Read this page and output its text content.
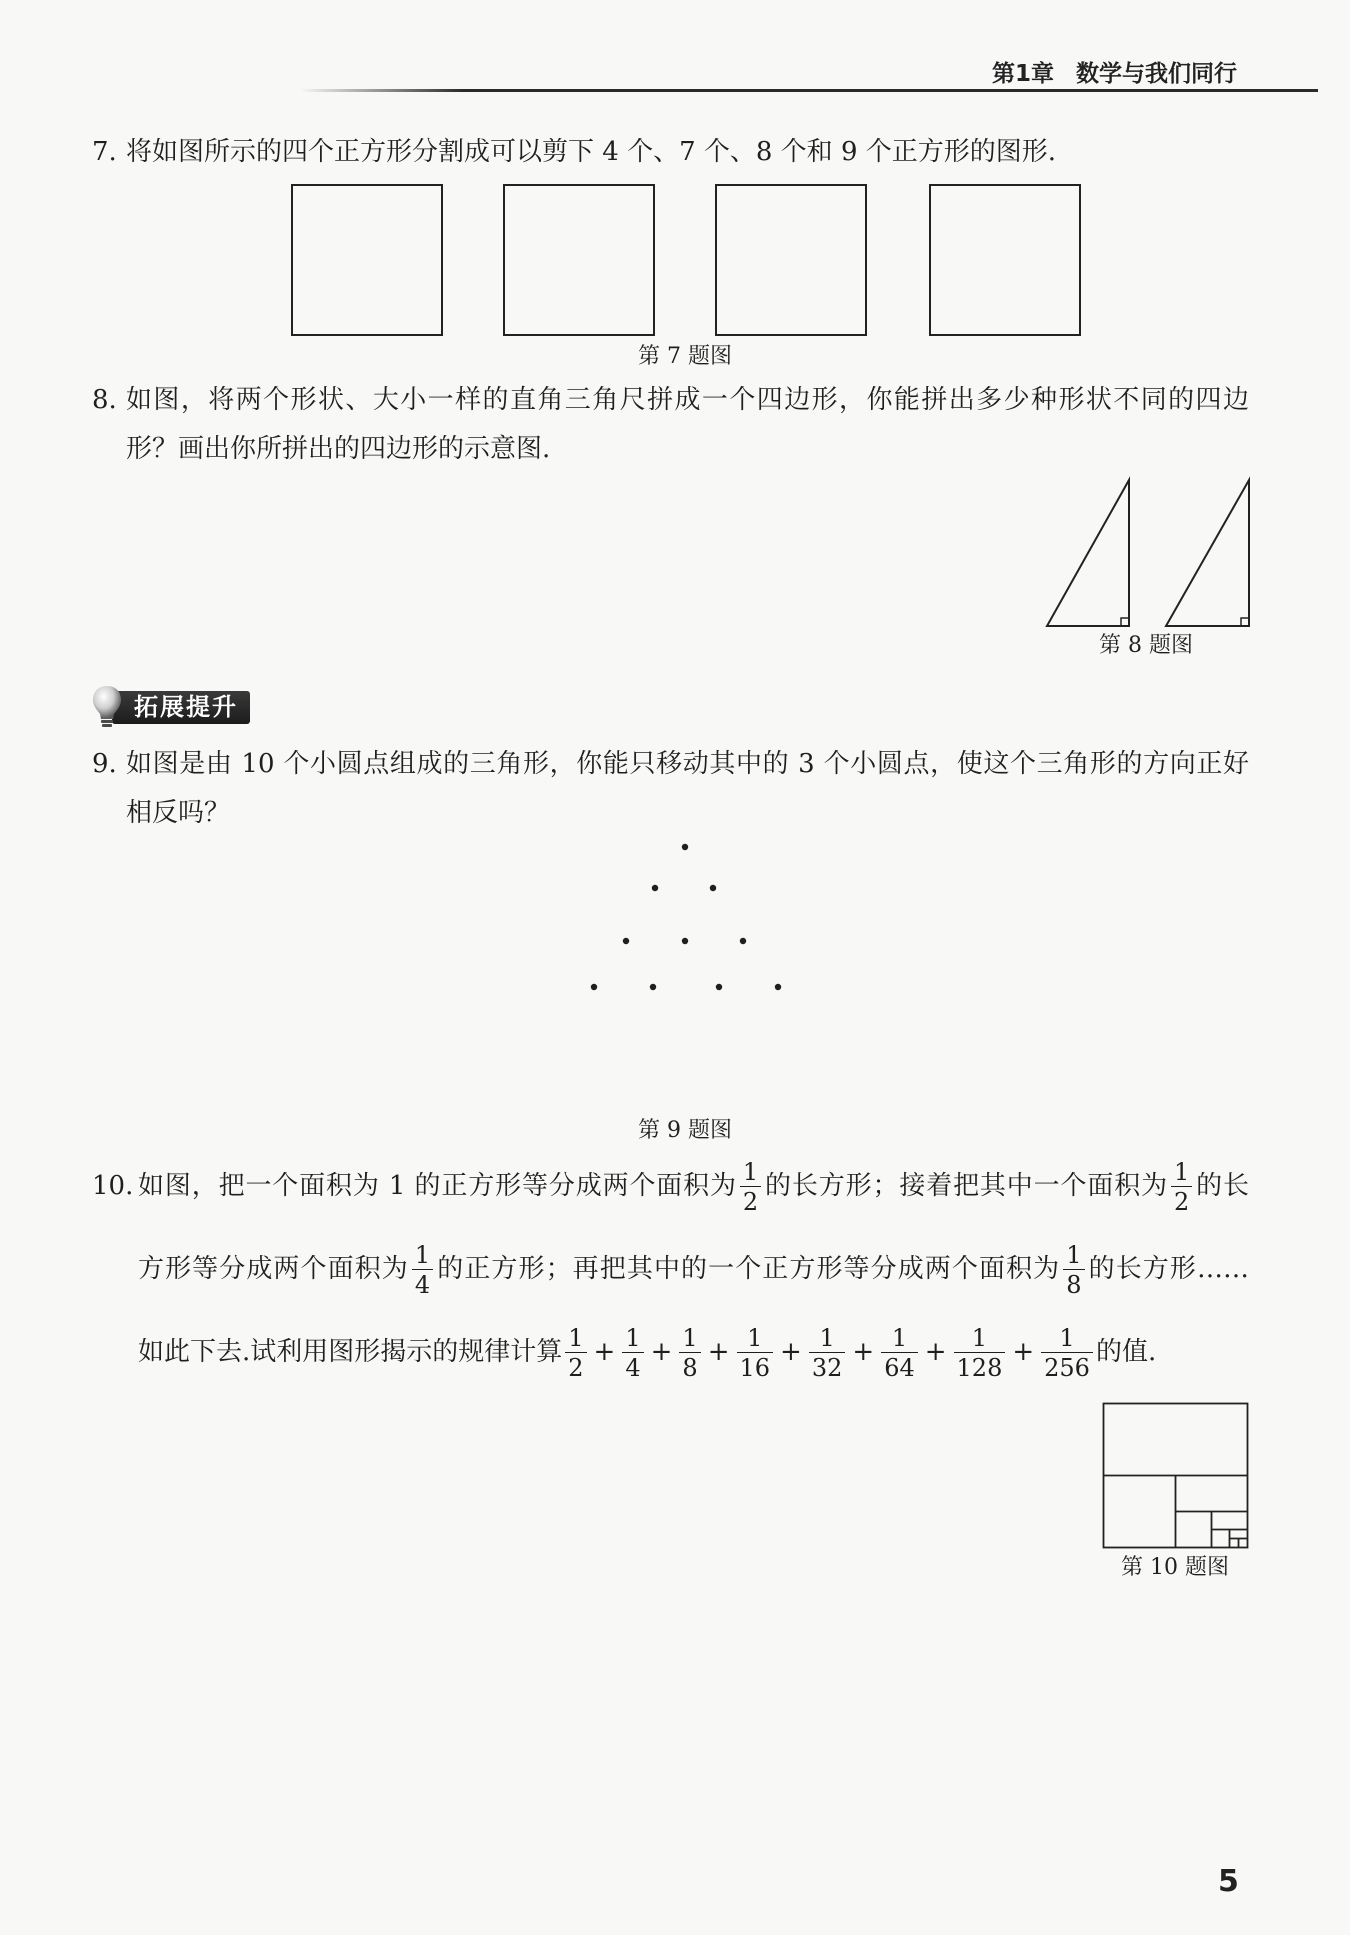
第1章 数学与我们同行
7. 将如图所示的四个正方形分割成可以剪下 4 个、7 个、8 个和 9 个正方形的图形.
第 7 题图
8. 如图，将两个形状、大小一样的直角三角尺拼成一个四边形，你能拼出多少种形状不同的四边
形？画出你所拼出的四边形的示意图.
第 8 题图
拓展提升
9. 如图是由 10 个小圆点组成的三角形，你能只移动其中的 3 个小圆点，使这个三角形的方向正好
相反吗？
第 9 题图
10. 如图，把一个面积为 1 的正方形等分成两个面积为 $\frac{1}{2}$ 的长方形；接着把其中一个面积为 $\frac{1}{2}$ 的长
方形等分成两个面积为 $\frac{1}{4}$ 的正方形；再把其中的一个正方形等分成两个面积为 $\frac{1}{8}$ 的长方形……
如此下去.试利用图形揭示的规律计算 $\frac{1}{2} + \frac{1}{4} + \frac{1}{8} + \frac{1}{16} + \frac{1}{32} + \frac{1}{64} + \frac{1}{128} + \frac{1}{256}$ 的值.
第 10 题图
5
